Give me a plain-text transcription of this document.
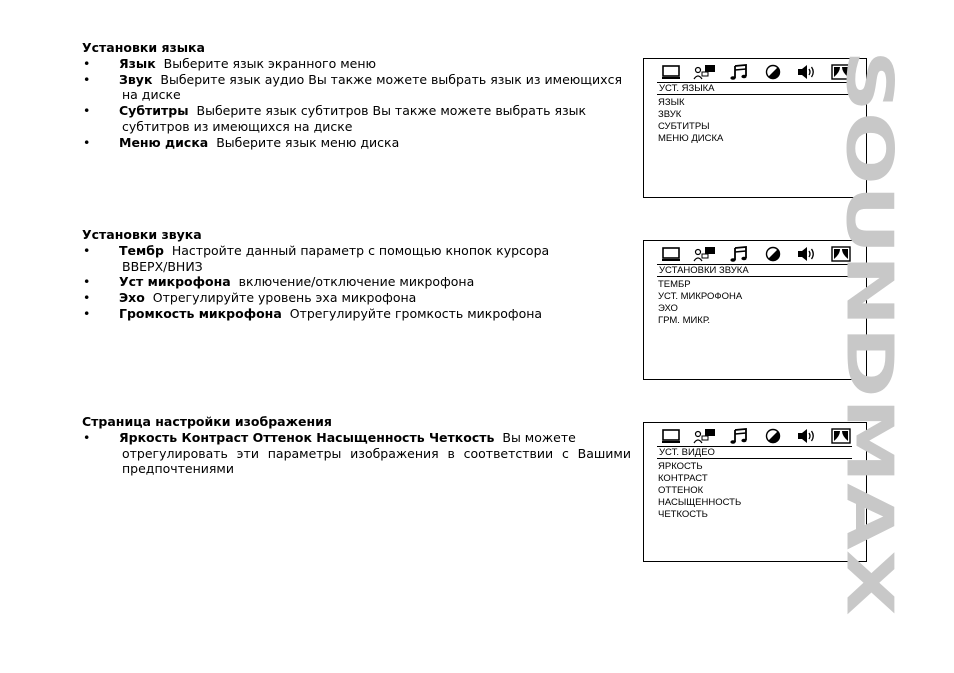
Установки языка
• Язык Выберите язык экранного меню
• Звук Выберите язык аудио Вы также можете выбрать язык из имеющихся
на диске
• Субтитры Выберите язык субтитров Вы также можете выбрать язык
субтитров из имеющихся на диске
• Меню диска Выберите язык меню диска
Установки звука
• Тембр Настройте данный параметр с помощью кнопок курсора
ВВЕРХ/ВНИЗ
• Уст микрофона включение/отключение микрофона
• Эхо Отрегулируйте уровень эха микрофона
• Громкость микрофона Отрегулируйте громкость микрофона
Страница настройки изображения
• Яркость Контраст Оттенок Насыщенность Четкость Вы можете
отрегулировать эти параметры изображения в соответствии с Вашими предпочтениями
УСТ. ЯЗЫКА
ЯЗЫК
ЗВУК
СУБТИТРЫ
МЕНЮ ДИСКА
УСТАНОВКИ ЗВУКА
ТЕМБР
УСТ. МИКРОФОНА
ЭХО
ГРМ. МИКР.
УСТ. ВИДЕО
ЯРКОСТЬ
КОНТРАСТ
ОТТЕНОК
НАСЫЩЕННОСТЬ
ЧЕТКОСТЬ
SOUNDMAX
